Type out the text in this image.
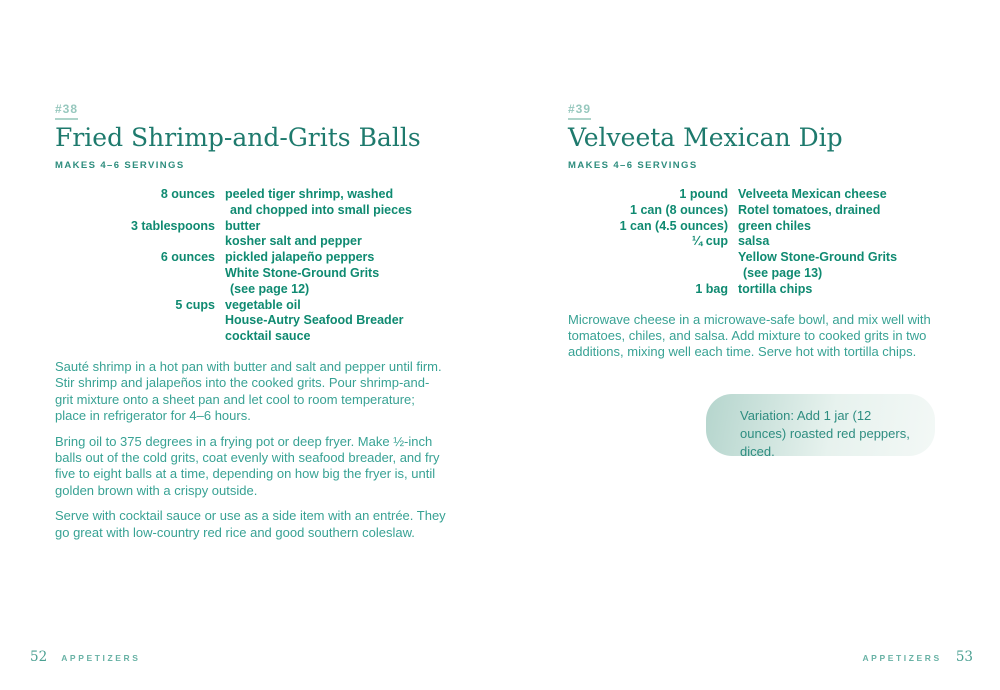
#38
Fried Shrimp-and-Grits Balls
MAKES 4–6 SERVINGS
8 ounces peeled tiger shrimp, washed
and chopped into small pieces
3 tablespoons butter
kosher salt and pepper
6 ounces pickled jalapeño peppers
White Stone-Ground Grits
(see page 12)
5 cups vegetable oil
House-Autry Seafood Breader
cocktail sauce

Sauté shrimp in a hot pan with butter and salt and pepper until firm. Stir shrimp and jalapeños into the cooked grits. Pour shrimp-and-grit mixture onto a sheet pan and let cool to room temperature; place in refrigerator for 4–6 hours.

Bring oil to 375 degrees in a frying pot or deep fryer. Make ½-inch balls out of the cold grits, coat evenly with seafood breader, and fry five to eight balls at a time, depending on how big the fryer is, until golden brown with a crispy outside.

Serve with cocktail sauce or use as a side item with an entrée. They go great with low-country red rice and good southern coleslaw.

#39
Velveeta Mexican Dip
MAKES 4–6 SERVINGS
1 pound Velveeta Mexican cheese
1 can (8 ounces) Rotel tomatoes, drained
1 can (4.5 ounces) green chiles
¼ cup salsa
Yellow Stone-Ground Grits
(see page 13)
1 bag tortilla chips

Microwave cheese in a microwave-safe bowl, and mix well with tomatoes, chiles, and salsa. Add mixture to cooked grits in two additions, mixing well each time. Serve hot with tortilla chips.

Variation: Add 1 jar (12 ounces) roasted red peppers, diced.
52 APPETIZERS	APPETIZERS 53
